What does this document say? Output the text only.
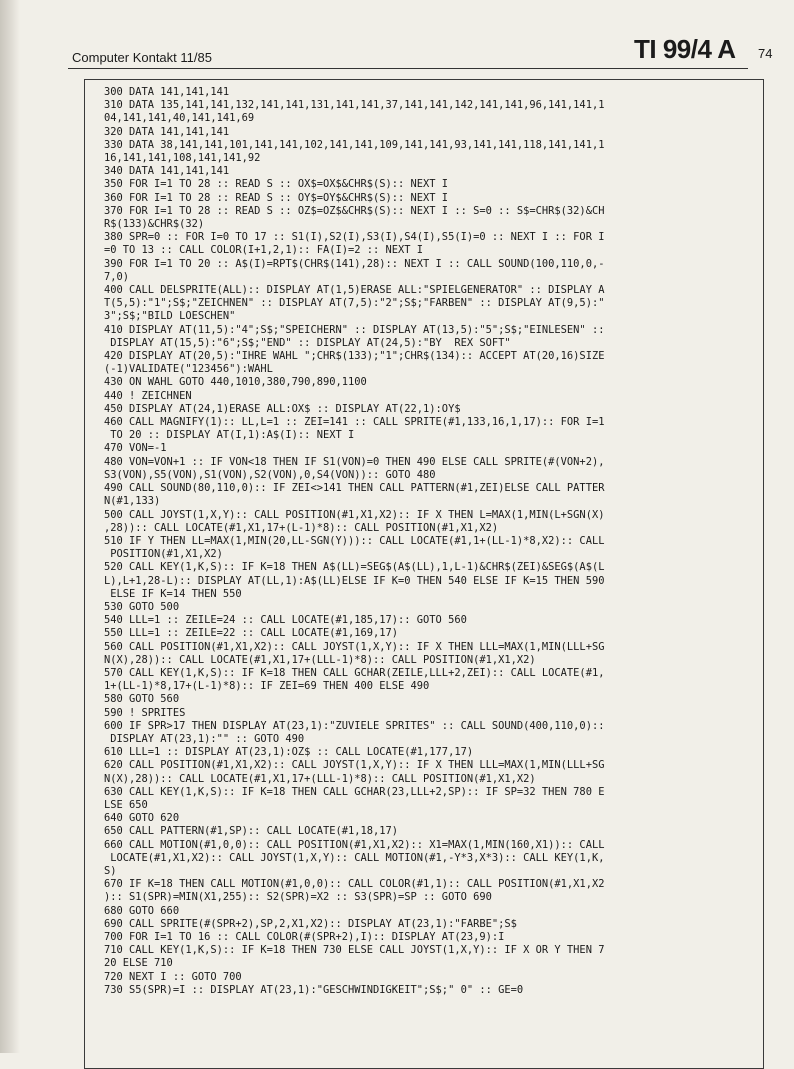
Computer Kontakt 11/85	TI 99/4 A 74
300 DATA 141,141,141
310 DATA 135,141,141,132,141,141,131,141,141,37,141,141,142,141,141,96,141,141,1
04,141,141,40,141,141,69
320 DATA 141,141,141
330 DATA 38,141,141,101,141,141,102,141,141,109,141,141,93,141,141,118,141,141,1
16,141,141,108,141,141,92
340 DATA 141,141,141
350 FOR I=1 TO 28 :: READ S :: OX$=OX$&CHR$(S):: NEXT I
360 FOR I=1 TO 28 :: READ S :: OY$=OY$&CHR$(S):: NEXT I
370 FOR I=1 TO 28 :: READ S :: OZ$=OZ$&CHR$(S):: NEXT I :: S=0 :: S$=CHR$(32)&CH
R$(133)&CHR$(32)
380 SPR=0 :: FOR I=0 TO 17 :: S1(I),S2(I),S3(I),S4(I),S5(I)=0 :: NEXT I :: FOR I
=0 TO 13 :: CALL COLOR(I+1,2,1):: FA(I)=2 :: NEXT I
390 FOR I=1 TO 20 :: A$(I)=RPT$(CHR$(141),28):: NEXT I :: CALL SOUND(100,110,0,-
7,0)
400 CALL DELSPRITE(ALL):: DISPLAY AT(1,5)ERASE ALL:"SPIELGENERATOR" :: DISPLAY A
T(5,5):"1";S$;"ZEICHNEN" :: DISPLAY AT(7,5):"2";S$;"FARBEN" :: DISPLAY AT(9,5):"
3";S$;"BILD LOESCHEN"
410 DISPLAY AT(11,5):"4";S$;"SPEICHERN" :: DISPLAY AT(13,5):"5";S$;"EINLESEN" ::
DISPLAY AT(15,5):"6";S$;"END" :: DISPLAY AT(24,5):"BY  REX SOFT"
420 DISPLAY AT(20,5):"IHRE WAHL ";CHR$(133);"1";CHR$(134):: ACCEPT AT(20,16)SIZE
(-1)VALIDATE("123456"):WAHL
430 ON WAHL GOTO 440,1010,380,790,890,1100
440 ! ZEICHNEN
450 DISPLAY AT(24,1)ERASE ALL:OX$ :: DISPLAY AT(22,1):OY$
460 CALL MAGNIFY(1):: LL,L=1 :: ZEI=141 :: CALL SPRITE(#1,133,16,1,17):: FOR I=1
TO 20 :: DISPLAY AT(I,1):A$(I):: NEXT I
470 VON=-1
480 VON=VON+1 :: IF VON<18 THEN IF S1(VON)=0 THEN 490 ELSE CALL SPRITE(#(VON+2),
S3(VON),S5(VON),S1(VON),S2(VON),0,S4(VON)):: GOTO 480
490 CALL SOUND(80,110,0):: IF ZEI<>141 THEN CALL PATTERN(#1,ZEI)ELSE CALL PATTER
N(#1,133)
500 CALL JOYST(1,X,Y):: CALL POSITION(#1,X1,X2):: IF X THEN L=MAX(1,MIN(L+SGN(X)
,28)):: CALL LOCATE(#1,X1,17+(L-1)*8):: CALL POSITION(#1,X1,X2)
510 IF Y THEN LL=MAX(1,MIN(20,LL-SGN(Y))):: CALL LOCATE(#1,1+(LL-1)*8,X2):: CALL
POSITION(#1,X1,X2)
520 CALL KEY(1,K,S):: IF K=18 THEN A$(LL)=SEG$(A$(LL),1,L-1)&CHR$(ZEI)&SEG$(A$(L
L),L+1,28-L):: DISPLAY AT(LL,1):A$(LL)ELSE IF K=0 THEN 540 ELSE IF K=15 THEN 590
ELSE IF K=14 THEN 550
530 GOTO 500
540 LLL=1 :: ZEILE=24 :: CALL LOCATE(#1,185,17):: GOTO 560
550 LLL=1 :: ZEILE=22 :: CALL LOCATE(#1,169,17)
560 CALL POSITION(#1,X1,X2):: CALL JOYST(1,X,Y):: IF X THEN LLL=MAX(1,MIN(LLL+SG
N(X),28)):: CALL LOCATE(#1,X1,17+(LLL-1)*8):: CALL POSITION(#1,X1,X2)
570 CALL KEY(1,K,S):: IF K=18 THEN CALL GCHAR(ZEILE,LLL+2,ZEI):: CALL LOCATE(#1,
1+(LL-1)*8,17+(L-1)*8):: IF ZEI=69 THEN 400 ELSE 490
580 GOTO 560
590 ! SPRITES
600 IF SPR>17 THEN DISPLAY AT(23,1):"ZUVIELE SPRITES" :: CALL SOUND(400,110,0)::
DISPLAY AT(23,1):"" :: GOTO 490
610 LLL=1 :: DISPLAY AT(23,1):OZ$ :: CALL LOCATE(#1,177,17)
620 CALL POSITION(#1,X1,X2):: CALL JOYST(1,X,Y):: IF X THEN LLL=MAX(1,MIN(LLL+SG
N(X),28)):: CALL LOCATE(#1,X1,17+(LLL-1)*8):: CALL POSITION(#1,X1,X2)
630 CALL KEY(1,K,S):: IF K=18 THEN CALL GCHAR(23,LLL+2,SP):: IF SP=32 THEN 780 E
LSE 650
640 GOTO 620
650 CALL PATTERN(#1,SP):: CALL LOCATE(#1,18,17)
660 CALL MOTION(#1,0,0):: CALL POSITION(#1,X1,X2):: X1=MAX(1,MIN(160,X1)):: CALL
LOCATE(#1,X1,X2):: CALL JOYST(1,X,Y):: CALL MOTION(#1,-Y*3,X*3):: CALL KEY(1,K,
S)
670 IF K=18 THEN CALL MOTION(#1,0,0):: CALL COLOR(#1,1):: CALL POSITION(#1,X1,X2
):: S1(SPR)=MIN(X1,255):: S2(SPR)=X2 :: S3(SPR)=SP :: GOTO 690
680 GOTO 660
690 CALL SPRITE(#(SPR+2),SP,2,X1,X2):: DISPLAY AT(23,1):"FARBE";S$
700 FOR I=1 TO 16 :: CALL COLOR(#(SPR+2),I):: DISPLAY AT(23,9):I
710 CALL KEY(1,K,S):: IF K=18 THEN 730 ELSE CALL JOYST(1,X,Y):: IF X OR Y THEN 7
20 ELSE 710
720 NEXT I :: GOTO 700
730 S5(SPR)=I :: DISPLAY AT(23,1):"GESCHWINDIGKEIT";S$;" 0" :: GE=0
